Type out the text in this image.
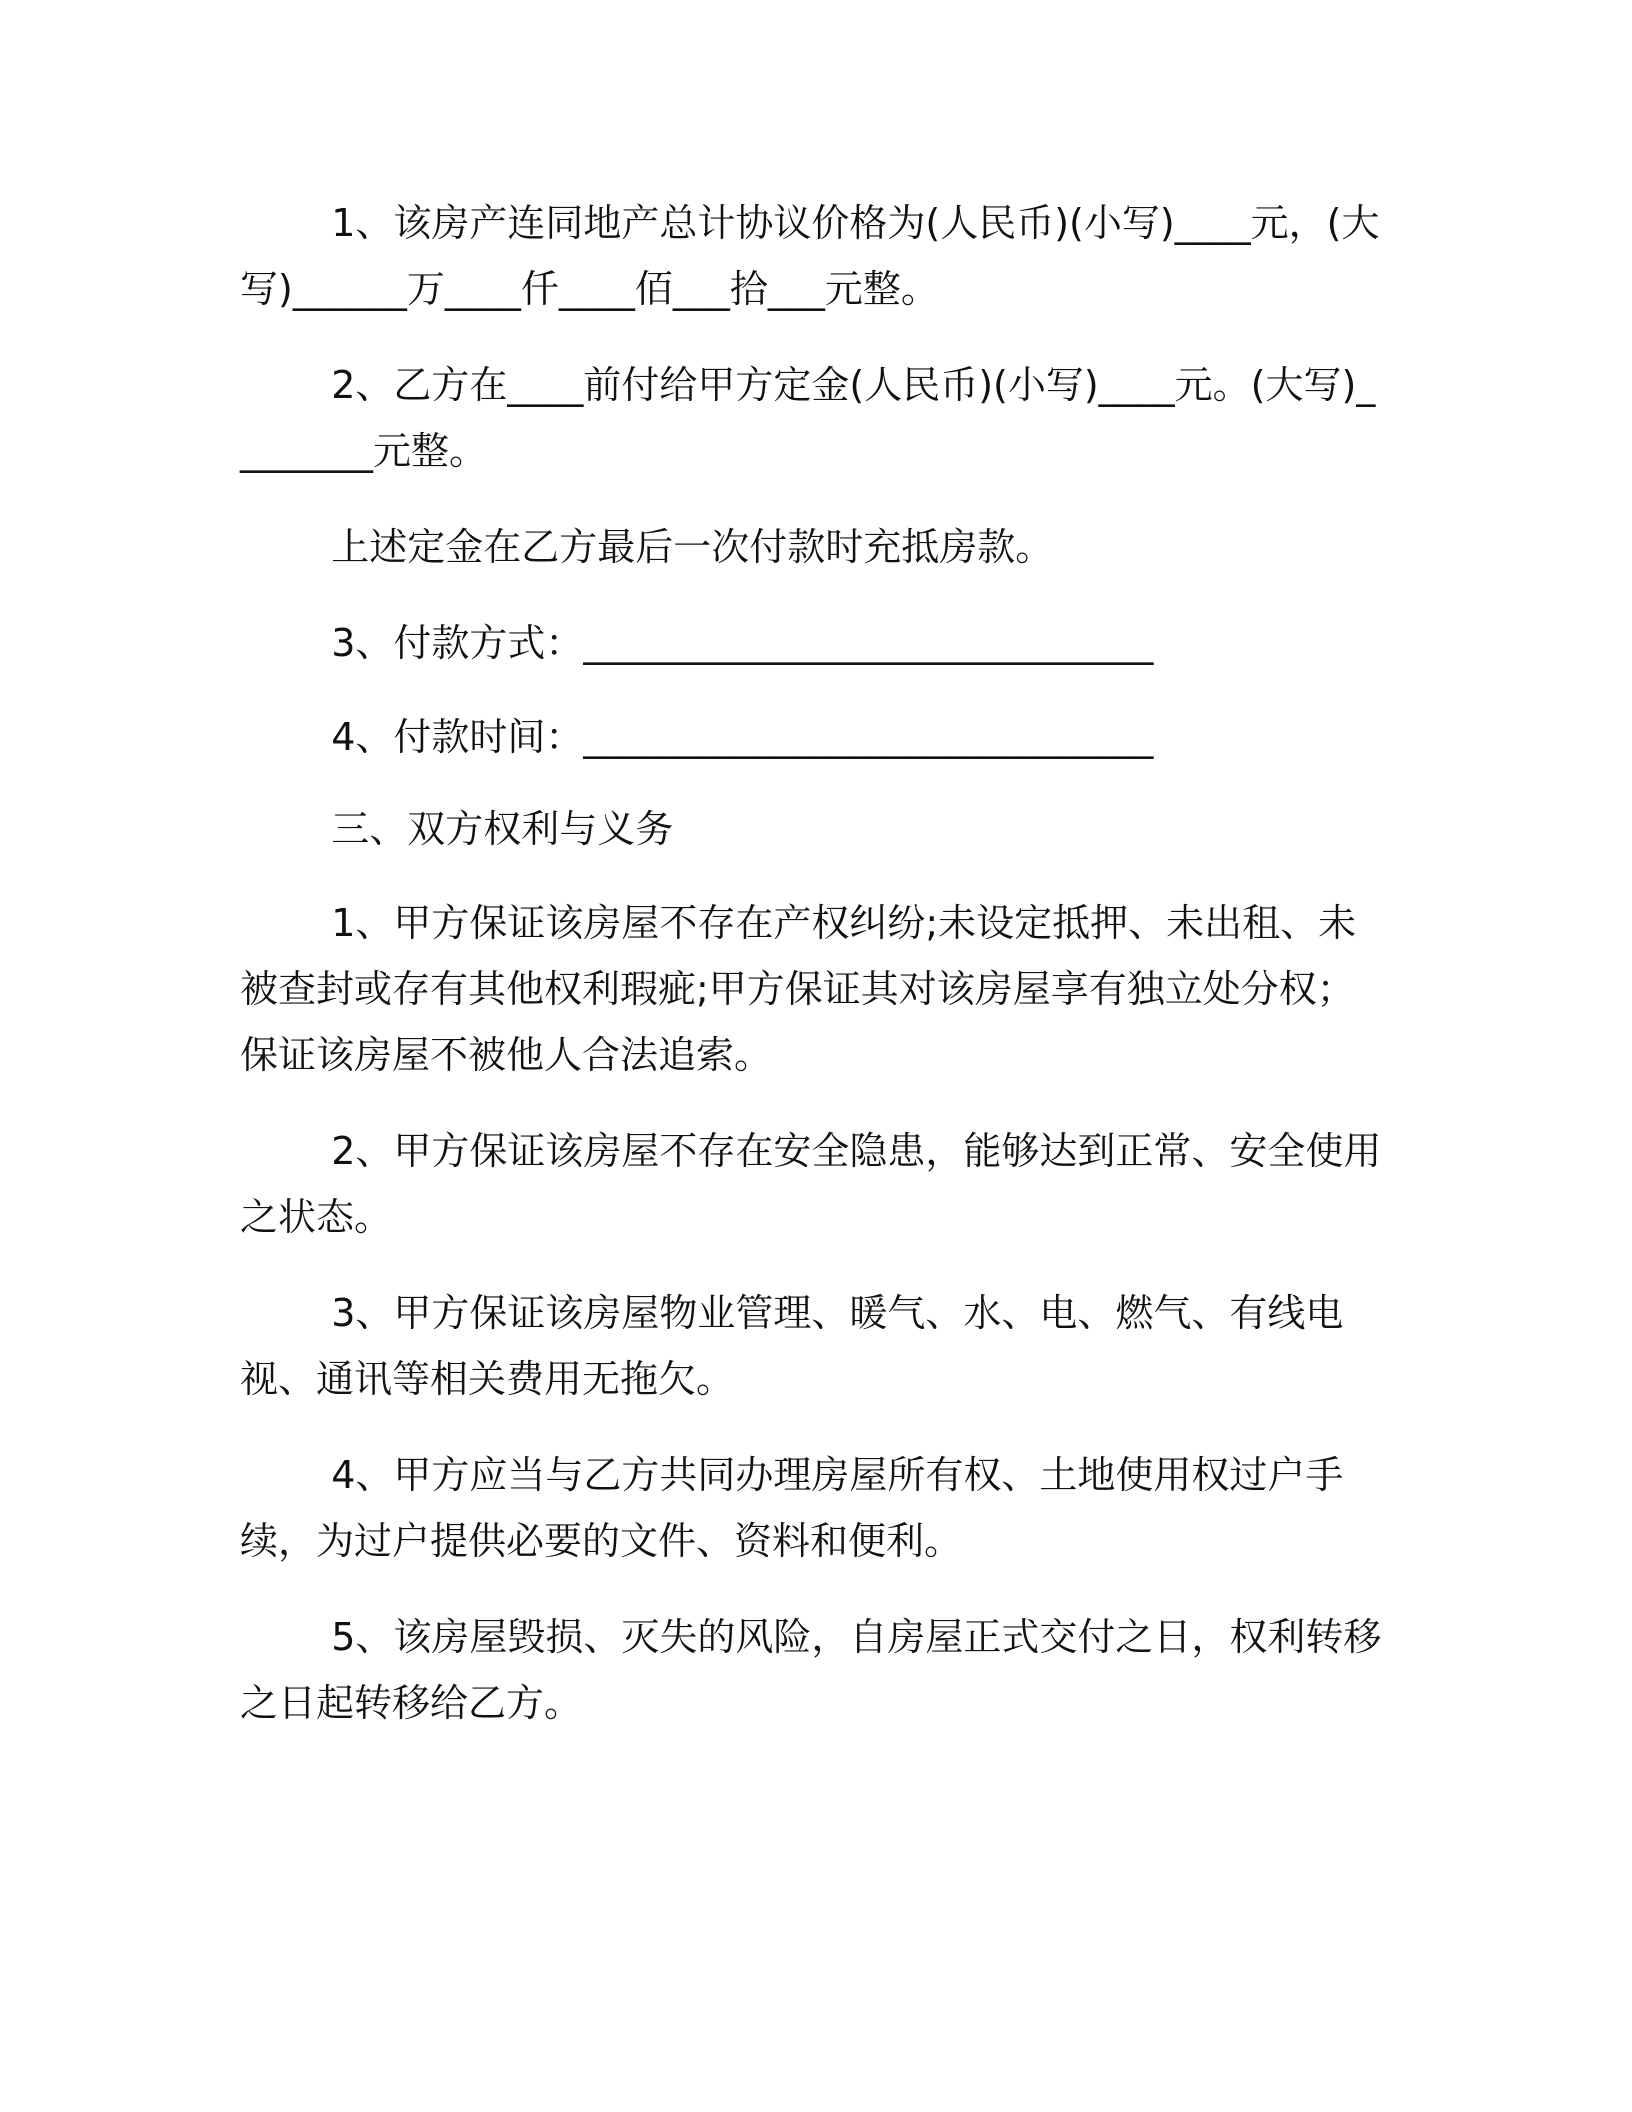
1、该房产连同地产总计协议价格为(人民币)(小写)____元，(大写)______万____仟____佰___拾___元整。

2、乙方在____前付给甲方定金(人民币)(小写)____元。(大写)________元整。

上述定金在乙方最后一次付款时充抵房款。

3、付款方式：______________________________

4、付款时间：______________________________

三、双方权利与义务

1、甲方保证该房屋不存在产权纠纷;未设定抵押、未出租、未被查封或存有其他权利瑕疵;甲方保证其对该房屋享有独立处分权；保证该房屋不被他人合法追索。

2、甲方保证该房屋不存在安全隐患，能够达到正常、安全使用之状态。

3、甲方保证该房屋物业管理、暖气、水、电、燃气、有线电视、通讯等相关费用无拖欠。

4、甲方应当与乙方共同办理房屋所有权、土地使用权过户手续，为过户提供必要的文件、资料和便利。

5、该房屋毁损、灭失的风险，自房屋正式交付之日，权利转移之日起转移给乙方。
